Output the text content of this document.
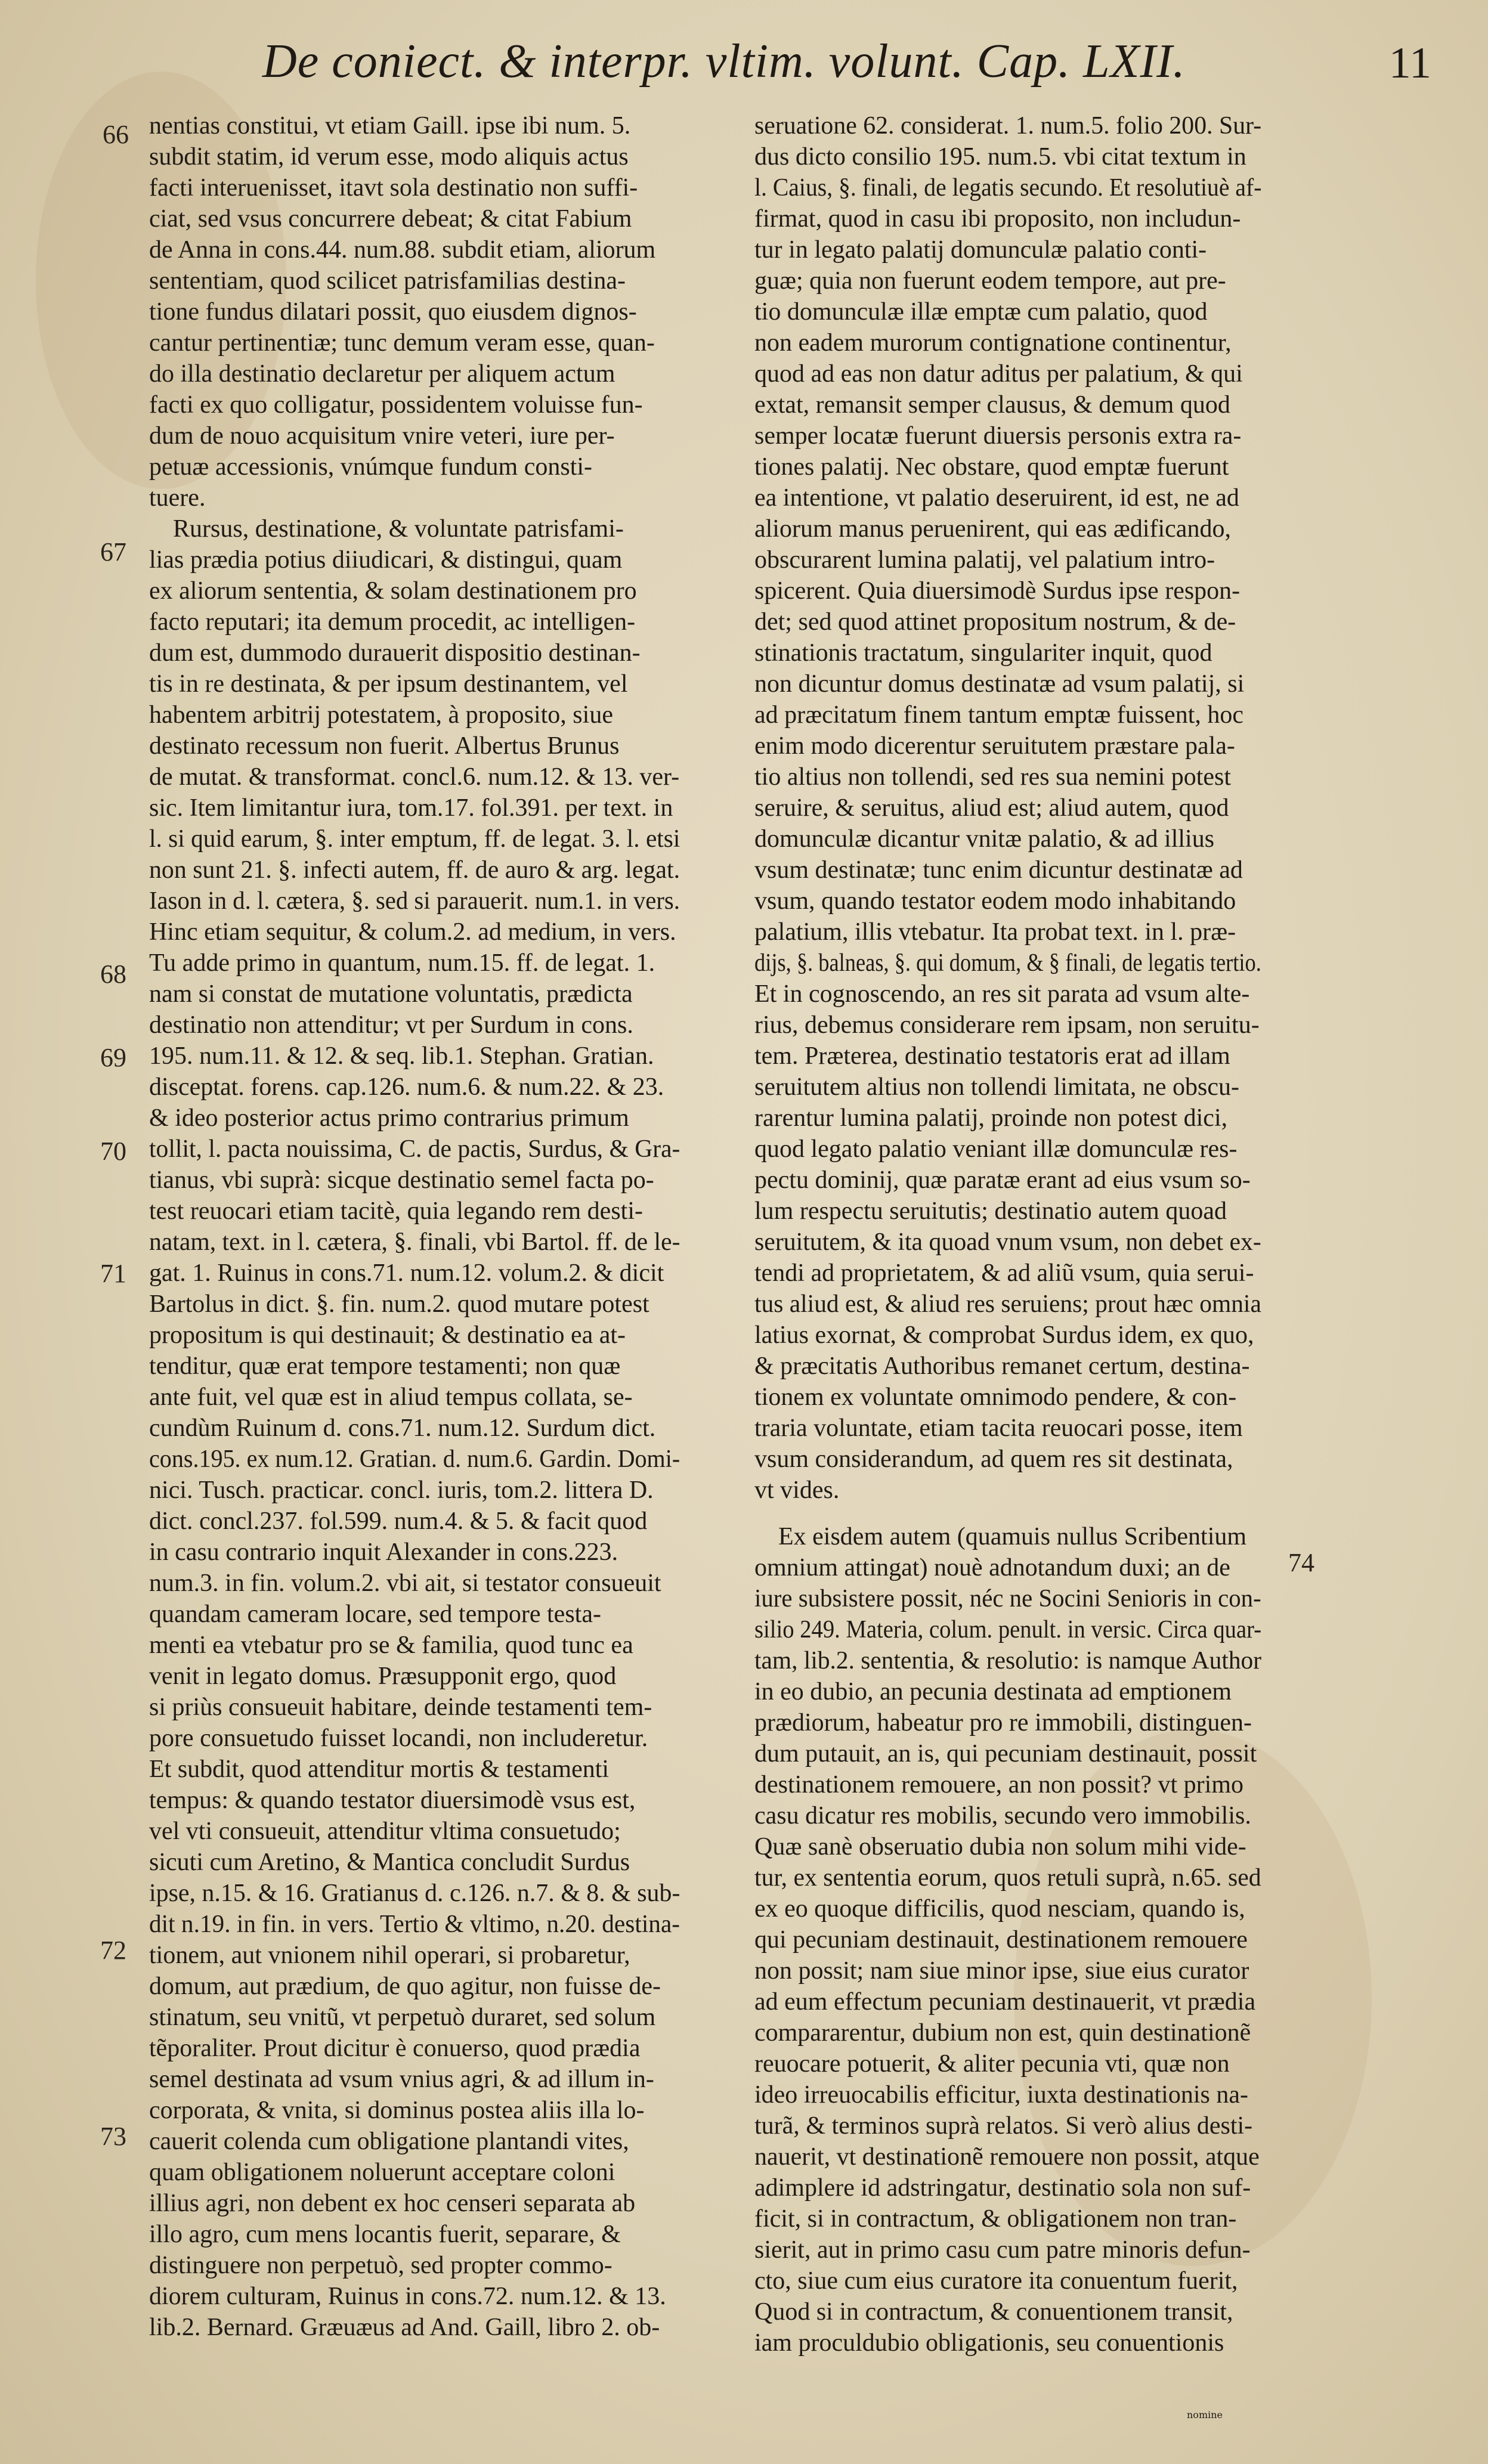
De coniect. & interpr. vltim. volunt. Cap. LXII.	11
nentias constitui, vt etiam Gaill. ipse ibi num. 5.
subdit statim, id verum esse, modo aliquis actus
facti interuenisset, itavt sola destinatio non suffi-
ciat, sed vsus concurrere debeat; & citat Fabium
de Anna in cons.44. num.88. subdit etiam, aliorum
sententiam, quod scilicet patrisfamilias destina-
tione fundus dilatari possit, quo eiusdem dignos-
cantur pertinentiæ; tunc demum veram esse, quan-
do illa destinatio declaretur per aliquem actum
facti ex quo colligatur, possidentem voluisse fun-
dum de nouo acquisitum vnire veteri, iure per-
petuæ accessionis, vnúmque fundum consti-
tuere.
Rursus, destinatione, & voluntate patrisfami-
lias prædia potius diiudicari, & distingui, quam
ex aliorum sententia, & solam destinationem pro
facto reputari; ita demum procedit, ac intelligen-
dum est, dummodo durauerit dispositio destinan-
tis in re destinata, & per ipsum destinantem, vel
habentem arbitrij potestatem, à proposito, siue
destinato recessum non fuerit. Albertus Brunus
de mutat. & transformat. concl.6. num.12. & 13. ver-
sic. Item limitantur iura, tom.17. fol.391. per text. in
l. si quid earum, §. inter emptum, ff. de legat. 3. l. etsi
non sunt 21. §. infecti autem, ff. de auro & arg. legat.
Iason in d. l. cætera, §. sed si parauerit. num.1. in vers.
Hinc etiam sequitur, & colum.2. ad medium, in vers.
Tu adde primo in quantum, num.15. ff. de legat. 1.
nam si constat de mutatione voluntatis, prædicta
destinatio non attenditur; vt per Surdum in cons.
195. num.11. & 12. & seq. lib.1. Stephan. Gratian.
disceptat. forens. cap.126. num.6. & num.22. & 23.
& ideo posterior actus primo contrarius primum
tollit, l. pacta nouissima, C. de pactis, Surdus, & Gra-
tianus, vbi suprà: sicque destinatio semel facta po-
test reuocari etiam tacitè, quia legando rem desti-
natam, text. in l. cætera, §. finali, vbi Bartol. ff. de le-
gat. 1. Ruinus in cons.71. num.12. volum.2. & dicit
Bartolus in dict. §. fin. num.2. quod mutare potest
propositum is qui destinauit; & destinatio ea at-
tenditur, quæ erat tempore testamenti; non quæ
ante fuit, vel quæ est in aliud tempus collata, se-
cundùm Ruinum d. cons.71. num.12. Surdum dict.
cons.195. ex num.12. Gratian. d. num.6. Gardin. Domi-
nici. Tusch. practicar. concl. iuris, tom.2. littera D.
dict. concl.237. fol.599. num.4. & 5. & facit quod
in casu contrario inquit Alexander in cons.223.
num.3. in fin. volum.2. vbi ait, si testator consueuit
quandam cameram locare, sed tempore testa-
menti ea vtebatur pro se & familia, quod tunc ea
venit in legato domus. Præsupponit ergo, quod
si priùs consueuit habitare, deinde testamenti tem-
pore consuetudo fuisset locandi, non includeretur.
Et subdit, quod attenditur mortis & testamenti
tempus: & quando testator diuersimodè vsus est,
vel vti consueuit, attenditur vltima consuetudo;
sicuti cum Aretino, & Mantica concludit Surdus
ipse, n.15. & 16. Gratianus d. c.126. n.7. & 8. & sub-
dit n.19. in fin. in vers. Tertio & vltimo, n.20. destina-
tionem, aut vnionem nihil operari, si probaretur,
domum, aut prædium, de quo agitur, non fuisse de-
stinatum, seu vnitũ, vt perpetuò duraret, sed solum
tẽporaliter. Prout dicitur è conuerso, quod prædia
semel destinata ad vsum vnius agri, & ad illum in-
corporata, & vnita, si dominus postea aliis illa lo-
cauerit colenda cum obligatione plantandi vites,
quam obligationem noluerunt acceptare coloni
illius agri, non debent ex hoc censeri separata ab
illo agro, cum mens locantis fuerit, separare, &
distinguere non perpetuò, sed propter commo-
diorem culturam, Ruinus in cons.72. num.12. & 13.
lib.2. Bernard. Græuæus ad And. Gaill, libro 2. ob-
seruatione 62. considerat. 1. num.5. folio 200. Sur-
dus dicto consilio 195. num.5. vbi citat textum in
l. Caius, §. finali, de legatis secundo. Et resolutiuè af-
firmat, quod in casu ibi proposito, non includun-
tur in legato palatij domunculæ palatio conti-
guæ; quia non fuerunt eodem tempore, aut pre-
tio domunculæ illæ emptæ cum palatio, quod
non eadem murorum contignatione continentur,
quod ad eas non datur aditus per palatium, & qui
extat, remansit semper clausus, & demum quod
semper locatæ fuerunt diuersis personis extra ra-
tiones palatij. Nec obstare, quod emptæ fuerunt
ea intentione, vt palatio deseruirent, id est, ne ad
aliorum manus peruenirent, qui eas ædificando,
obscurarent lumina palatij, vel palatium intro-
spicerent. Quia diuersimodè Surdus ipse respon-
det; sed quod attinet propositum nostrum, & de-
stinationis tractatum, singulariter inquit, quod
non dicuntur domus destinatæ ad vsum palatij, si
ad præcitatum finem tantum emptæ fuissent, hoc
enim modo dicerentur seruitutem præstare pala-
tio altius non tollendi, sed res sua nemini potest
seruire, & seruitus, aliud est; aliud autem, quod
domunculæ dicantur vnitæ palatio, & ad illius
vsum destinatæ; tunc enim dicuntur destinatæ ad
vsum, quando testator eodem modo inhabitando
palatium, illis vtebatur. Ita probat text. in l. præ-
dijs, §. balneas, §. qui domum, & § finali, de legatis tertio.
Et in cognoscendo, an res sit parata ad vsum alte-
rius, debemus considerare rem ipsam, non seruitu-
tem. Præterea, destinatio testatoris erat ad illam
seruitutem altius non tollendi limitata, ne obscu-
rarentur lumina palatij, proinde non potest dici,
quod legato palatio veniant illæ domunculæ res-
pectu dominij, quæ paratæ erant ad eius vsum so-
lum respectu seruitutis; destinatio autem quoad
seruitutem, & ita quoad vnum vsum, non debet ex-
tendi ad proprietatem, & ad aliũ vsum, quia serui-
tus aliud est, & aliud res seruiens; prout hæc omnia
latius exornat, & comprobat Surdus idem, ex quo,
& præcitatis Authoribus remanet certum, destina-
tionem ex voluntate omnimodo pendere, & con-
traria voluntate, etiam tacita reuocari posse, item
vsum considerandum, ad quem res sit destinata,
vt vides.
Ex eisdem autem (quamuis nullus Scribentium
omnium attingat) nouè adnotandum duxi; an de
iure subsistere possit, néc ne Socini Senioris in con-
silio 249. Materia, colum. penult. in versic. Circa quar-
tam, lib.2. sententia, & resolutio: is namque Author
in eo dubio, an pecunia destinata ad emptionem
prædiorum, habeatur pro re immobili, distinguen-
dum putauit, an is, qui pecuniam destinauit, possit
destinationem remouere, an non possit? vt primo
casu dicatur res mobilis, secundo vero immobilis.
Quæ sanè obseruatio dubia non solum mihi vide-
tur, ex sententia eorum, quos retuli suprà, n.65. sed
ex eo quoque difficilis, quod nesciam, quando is,
qui pecuniam destinauit, destinationem remouere
non possit; nam siue minor ipse, siue eius curator
ad eum effectum pecuniam destinauerit, vt prædia
compararentur, dubium non est, quin destinationẽ
reuocare potuerit, & aliter pecunia vti, quæ non
ideo irreuocabilis efficitur, iuxta destinationis na-
turã, & terminos suprà relatos. Si verò alius desti-
nauerit, vt destinationẽ remouere non possit, atque
adimplere id adstringatur, destinatio sola non suf-
ficit, si in contractum, & obligationem non tran-
sierit, aut in primo casu cum patre minoris defun-
cto, siue cum eius curatore ita conuentum fuerit,
Quod si in contractum, & conuentionem transit,
iam proculdubio obligationis, seu conuentionis
66
67
68
69
70
71
72
73
74
nomine
